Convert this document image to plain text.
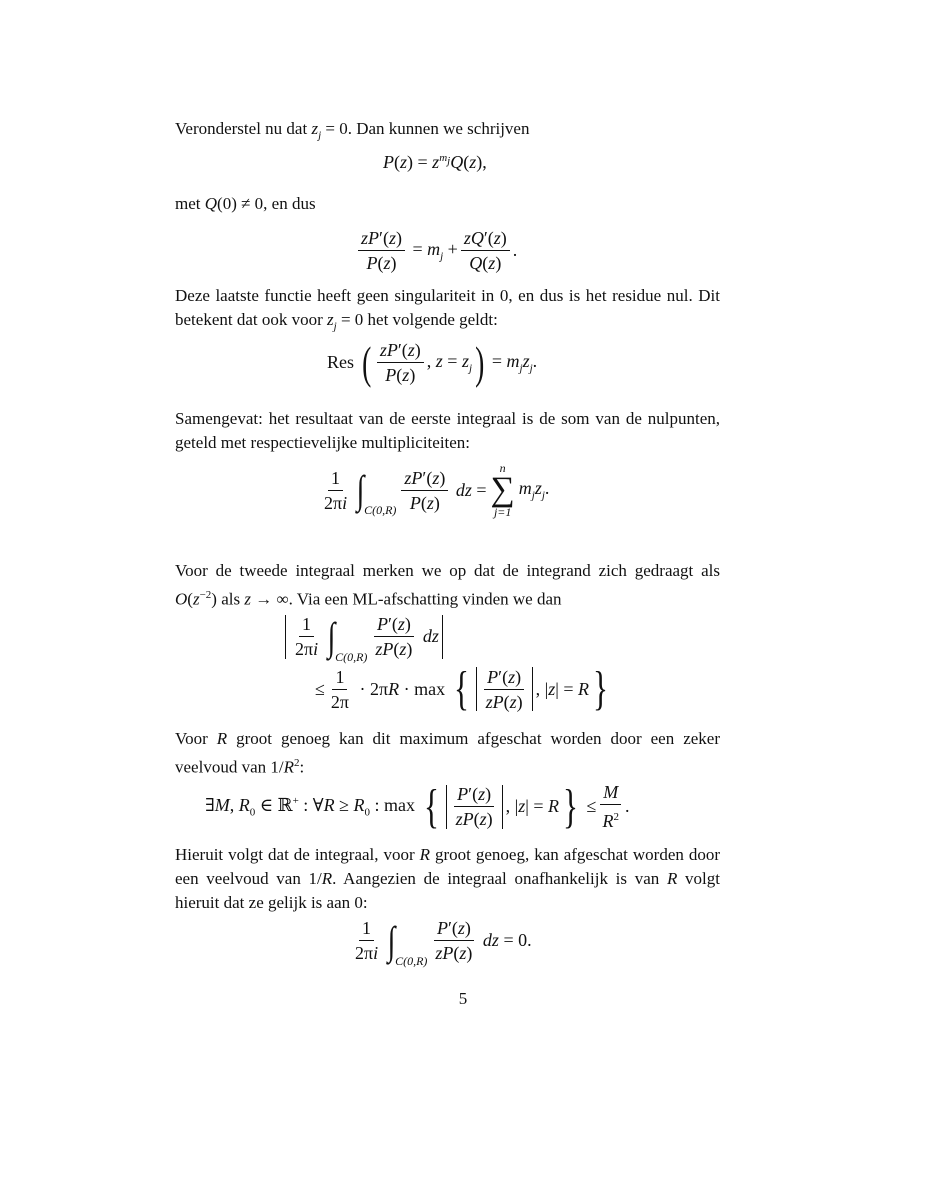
Veronderstel nu dat $z_j = 0$. Dan kunnen we schrijven

$P(z) = z^{m_j}Q(z)$,

met Q(0) ≠ 0, en dus

$\frac{zP'(z)}{P(z)} = m_j + \frac{zQ'(z)}{Q(z)}$ .

Deze laatste functie heeft geen singulariteit in 0, en dus is het residue nul. Dit betekent dat ook voor $z_j = 0$ het volgende geldt:

Res ( $\frac{zP'(z)}{P(z)}$ , $z = z_j$ ) = $m_jz_j$.

Samengevat: het resultaat van de eerste integraal is de som van de nulpunten, geteld met respectievelijke multipliciteiten:

$\frac{1}{2\pi i}$ ∫ $C(0,R) \frac{zP'(z)}{P(z)}$ dz =
n
∑
j=1
$m_jz_j$.

Voor de tweede integraal merken we op dat de integrand zich gedraagt als $O(z^{-2})$ als z → ∞. Via een ML-afschatting vinden we dan

$\frac{1}{2\pi i}$ ∫ $C(0,R) \frac{P'(z)}{zP(z)}$ dz
≤ $\frac{1}{2\pi} \cdot 2\pi R \cdot \max$ { $\frac{P'(z)}{zP(z)}$ , |z| = R }

Voor R groot genoeg kan dit maximum afgeschat worden door een zeker veelvoud van $1/R^2$:

∃M, $R_0$ ∈ ℝ+ : ∀R ≥ $R_0$ : max { $\frac{P'(z)}{zP(z)}$ , |z| = R } ≤ $\frac{M}{R^2}$ .

Hieruit volgt dat de integraal, voor R groot genoeg, kan afgeschat worden door een veelvoud van 1/R. Aangezien de integraal onafhankelijk is van R volgt hieruit dat ze gelijk is aan 0:

$\frac{1}{2\pi i}$ ∫ $C(0,R) \frac{P'(z)}{zP(z)}$ dz = 0.
5
